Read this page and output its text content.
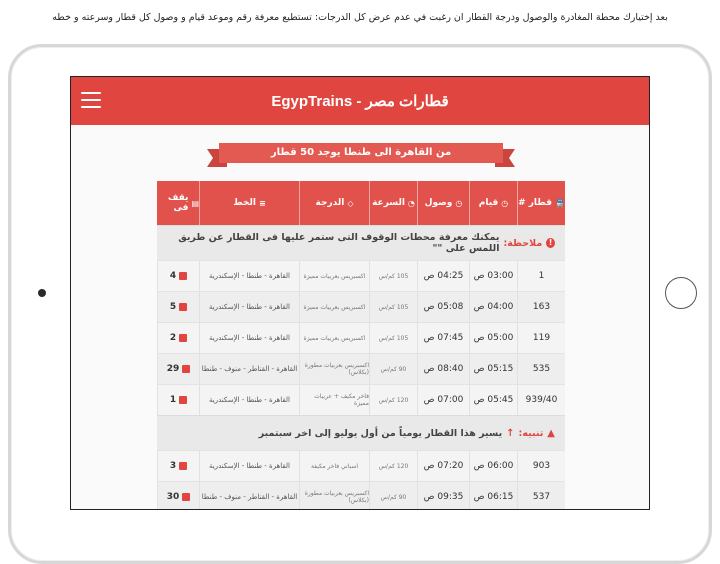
بعد إختيارك محطة المغادرة والوصول ودرجة القطار ان رغبت في عدم عرض كل الدرجات: تستطيع معرفة رقم وموعد قيام و وصول كل قطار وسرعته و خطه
قطارات مصر - EgypTrains
من القاهرة الى طنطا يوجد 50 قطار
🚆
قطار #
◷
قيام
◷
وصول
◔
السرعة
◇
الدرجة
≡
الخط
▤
يقف فى
!
ملاحظة:
يمكنك معرفة محطات الوقوف التى ستمر عليها فى القطار عن طريق اللمس على ""
1
03:00 ص
04:25 ص
105 كم/س
اكسبريس بعربيات مميزة
القاهرة - طنطا - الإسكندرية
4
163
04:00 ص
05:08 ص
105 كم/س
اكسبريس بعربيات مميزة
القاهرة - طنطا - الإسكندرية
5
119
05:00 ص
07:45 ص
105 كم/س
اكسبريس بعربيات مميزة
القاهرة - طنطا - الإسكندرية
2
535
05:15 ص
08:40 ص
90 كم/س
اكسبريس بعربيات مطورة (بكلاس)
القاهرة - القناطر - منوف - طنطا
29
939/40
05:45 ص
07:00 ص
120 كم/س
فاخر مكيف + عربيات مميزة
القاهرة - طنطا - الإسكندرية
1
▲
تنبيه:
↑
يسير هذا القطار يومياً من أول يوليو إلى اخر سبتمبر
903
06:00 ص
07:20 ص
120 كم/س
اسباني فاخر مكيفة
القاهرة - طنطا - الإسكندرية
3
537
06:15 ص
09:35 ص
90 كم/س
اكسبريس بعربيات مطورة (بكلاس)
القاهرة - القناطر - منوف - طنطا
30
